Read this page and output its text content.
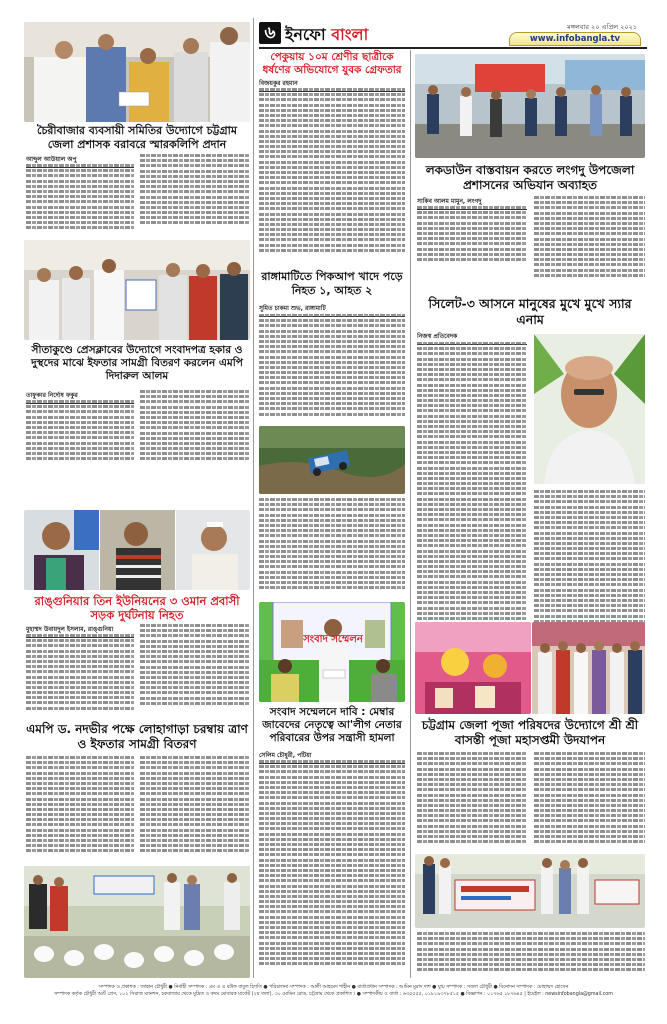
৬ ইনফো বাংলা	মঙ্গলবার ২০ এপ্রিল ২০২১
www.infobangla.tv
চৈরীবাজার ব্যবসায়ী সমিতির উদ্যোগে চট্টগ্রাম জেলা প্রশাসক বরাবরে স্মারকলিপি প্রদান
আব্দুল আউয়াল অপু
সীতাকুণ্ডে প্রেসক্লাবের উদ্যোগে সংবাদপত্র হকার ও দুস্থদের মাঝে ইফতার সামগ্রী বিতরণ করলেন এমপি দিদারুল আলম
তাফুকার নির্দোষ ফকুর
রাঙ্গুনিয়ার তিন ইউনিয়নের ৩ ওমান প্রবাসী সড়ক দুর্ঘটনায় নিহত
মুহাম্মদ উবায়দুল ইসলাম, রাঙ্গুনিয়া
এমপি ড. নদভীর পক্ষে লোহাগাড়া চরম্বায় ত্রাণ ও ইফতার সামগ্রী বিতরণ
পেকুয়ায় ১০ম শ্রেণীর ছাত্রীকে ধর্ষণের অভিযোগে যুবক গ্রেফতার
বিজয়কুর রহমান
রাঙ্গামাটিতে পিকআপ খাদে পড়ে নিহত ১, আহত ২
সুমিত চাকমা শুভ, রাঙ্গামাটি
সংবাদ সম্মেলন
সংবাদ সম্মেলনে দাবি : মেম্বার জাবেদের নেতৃত্বে আ'লীগ নেতার পরিবারের উপর সন্ত্রাসী হামলা
সেলিম চৌধুরী, পটিয়া
লকডাউন বাস্তবায়ন করতে লংগদু উপজেলা প্রশাসনের অভিযান অব্যাহত
সাকিব আলম মামুন, লংগদু
সিলেট-৩ আসনে মানুষের মুখে মুখে স্যার এনাম
নিজস্ব প্রতিবেদক
চট্টগ্রাম জেলা পূজা পরিষদের উদ্যোগে শ্রী শ্রী বাসন্তী পূজা মহাসপ্তমী উদযাপন
সম্পাদক ও প্রকাশক : জাহান চৌধুরী ● নির্বাহী সম্পাদক : এম এ এ রউফ বাবুল চিশতি ● পরিচালনা সম্পাদক : আলী আহমেদ শাহীন ● বার্তাপ্রধান সম্পাদক : আমিন মুরাদ দাশ ● যুগ্ম সম্পাদক : সজল চৌধুরী ● বিনোদন সম্পাদক : মোহাম্মদ হোসেন
সম্পাদক কর্তৃক চৌধুরী আর্ট প্রেস, ১০২ সিরাজ ম্যানশন, চকবাজার থেকে মুদ্রিত ও কদম মোবারক মার্কেট (২য় তলা), ৩০ মোমিন রোড, চট্টগ্রাম থেকে প্রকাশিত । ● সম্পাদকীয় ও বার্তা : ৬৩৫৫৫৫, ০১৮১৯৩৭৮৫১৫ ● বিজ্ঞাপন : ০১৭৬৫ ১৮৭৬৪৫ | ইমেইল : newsinfobangla@gmail.com
